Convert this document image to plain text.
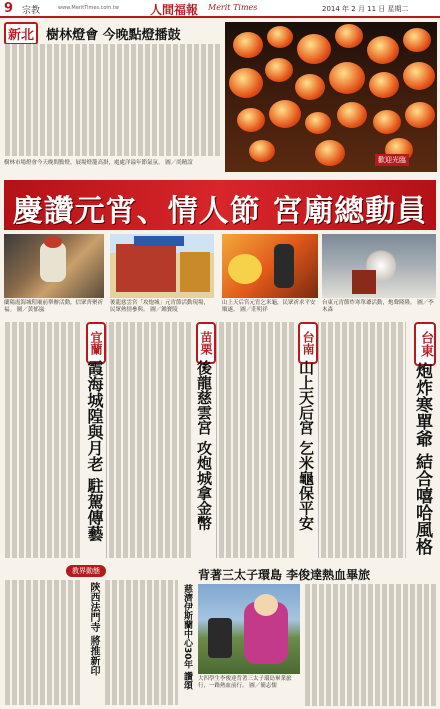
9 宗教	www.MeritTimes.com.tw	人間福報 Merit Times	2014 年 2 月 11 日 星期二
新北 樹林燈會 今晚點燈播鼓
樹林市場燈會今天晚間點燈，展場燈籠高掛，處處洋溢年節氣氛。 圖／尚精誼	歡迎光臨
慶讚元宵、情人節 宮廟總動員
蘭陽霞海城隍廟前舉辦活動，信眾齊聚祈福。 圖／黃郁嵐
後龍慈雲宮「攻炮城」元宵節活動現場，民眾熱情參與。 圖／鍾寶陵
山上天后宮元宵乞米龜，民眾祈求平安順遂。 圖／莊明祥
台東元宵節炸寒單爺活動，炮聲隆隆。 圖／李木森
宜蘭
霞海城隍與月老 駐駕傳藝
苗栗
後龍慈雲宮 攻炮城拿金幣
台南
山上天后宮 乞米龜保平安
台東
炮炸寒單爺 結合嘻哈風格
教界動態
陝西法門寺 將推新印	慈濟伊斯蘭中心30年 讚頌
背著三太子環島 李俊達熱血畢旅
大四學生李俊達背著三太子環島畢業旅行，一路熱血前行。 圖／簡志儒
